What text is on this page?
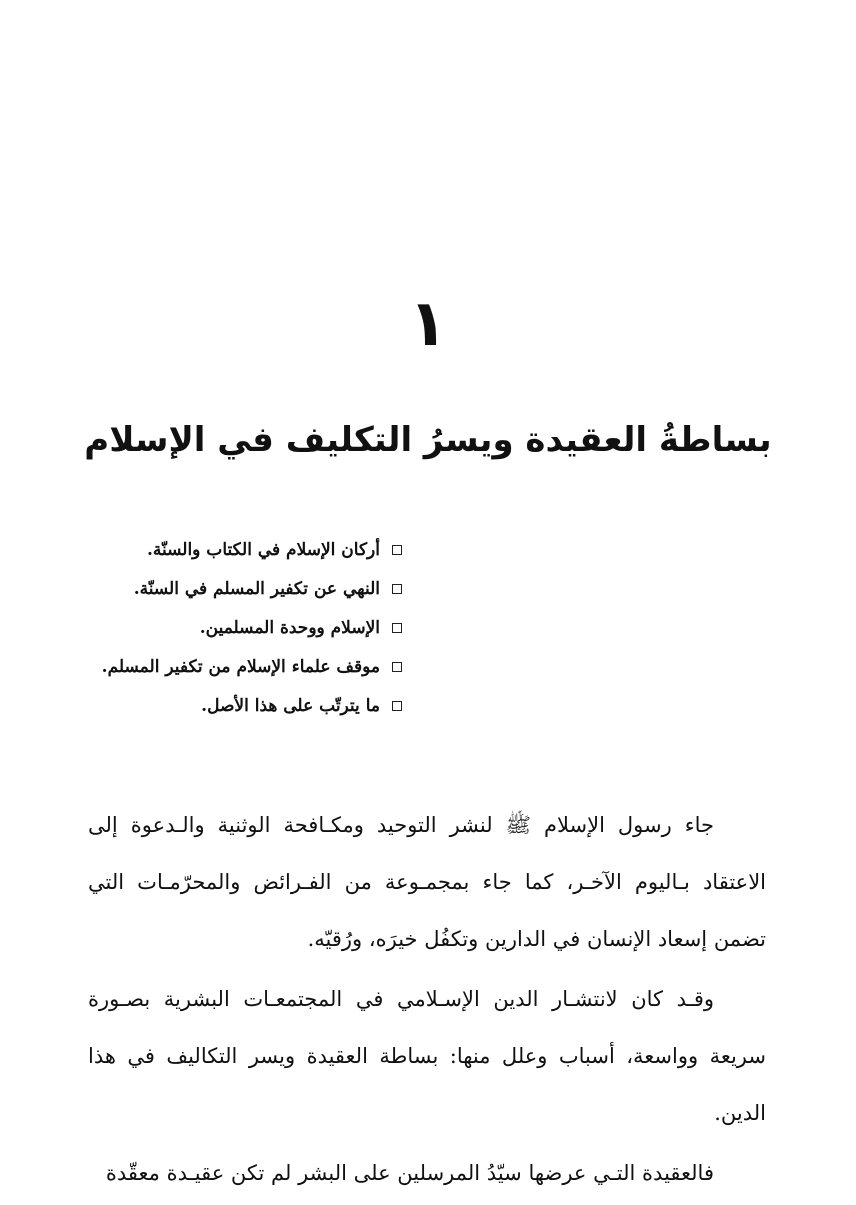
١
بساطةُ العقيدة ويسرُ التكليف في الإسلام
أركان الإسلام في الكتاب والسنّة.
النهي عن تكفير المسلم في السنّة.
الإسلام ووحدة المسلمين.
موقف علماء الإسلام من تكفير المسلم.
ما يترتّب على هذا الأصل.

جاء رسول الإسلام ﷺ لنشر التوحيد ومكـافحة الوثنية والـدعوة إلى الاعتقاد بـاليوم الآخـر، كما جاء بمجمـوعة من الفـرائض والمحرّمـات التي تضمن إسعاد الإنسان في الدارين وتكفُل خيرَه، ورُقيّه.

وقـد كان لانتشـار الدين الإسـلامي في المجتمعـات البشرية بصـورة سريعة وواسعة، أسباب وعلل منها: بساطة العقيدة ويسر التكاليف في هذا الدين.

فالعقيدة التـي عرضها سيّدُ المرسلين على البشر لم تكن عقيـدة معقّدة
